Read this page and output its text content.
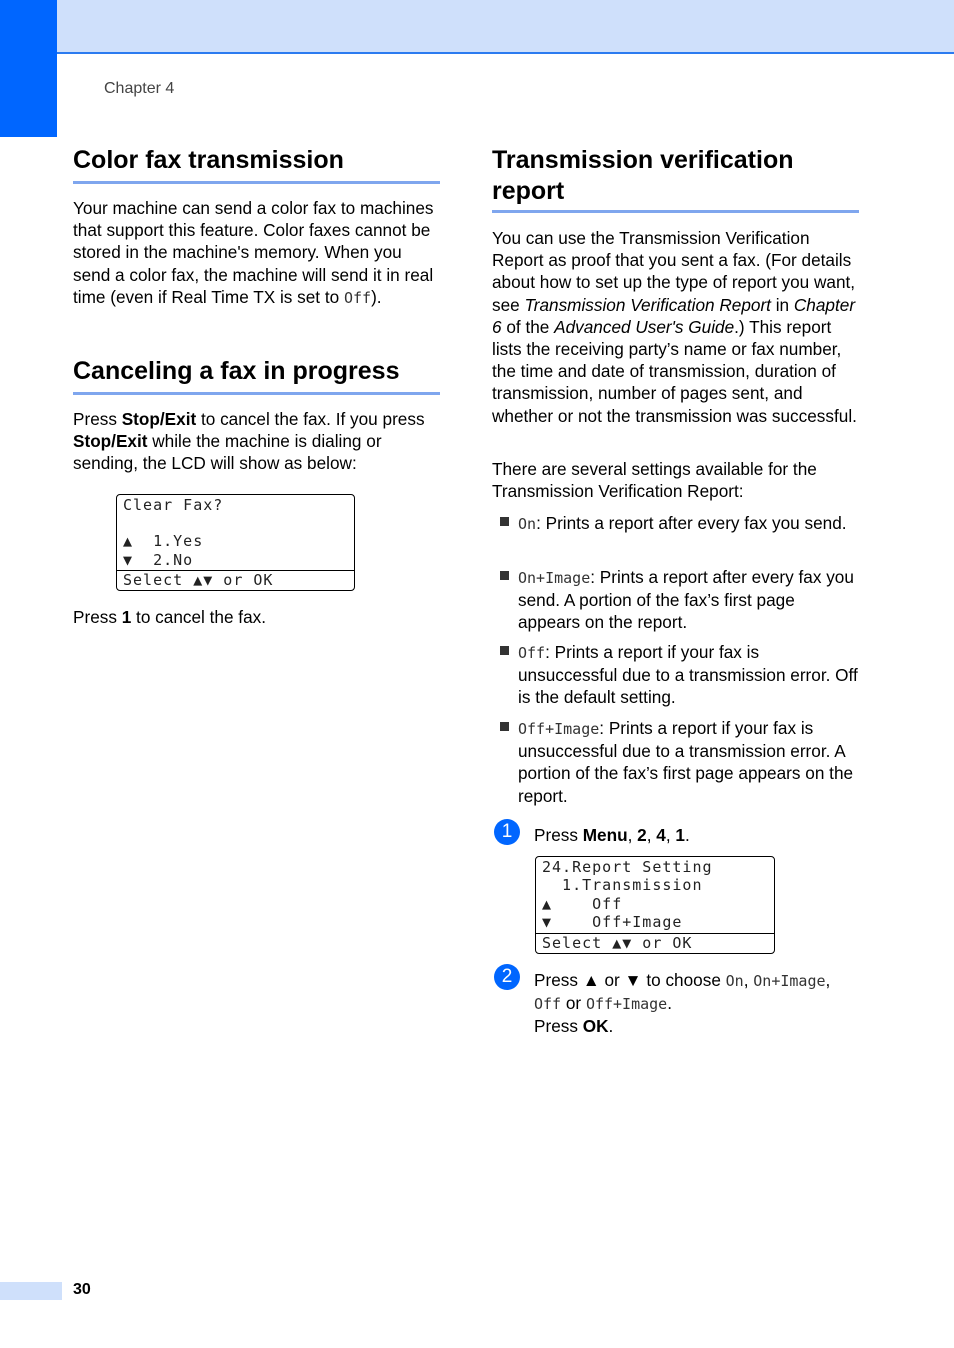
Chapter 4
Color fax transmission

Your machine can send a color fax to machines that support this feature. Color faxes cannot be stored in the machine's memory. When you send a color fax, the machine will send it in real time (even if Real Time TX is set to Off).

Canceling a fax in progress

Press Stop/Exit to cancel the fax. If you press Stop/Exit while the machine is dialing or sending, the LCD will show as below:

Clear Fax?
▲  1.Yes
▼  2.No
Select ▲▼ or OK

Press 1 to cancel the fax.

Transmission verification
report

You can use the Transmission Verification Report as proof that you sent a fax. (For details about how to set up the type of report you want, see Transmission Verification Report in Chapter 6 of the Advanced User's Guide.) This report lists the receiving party’s name or fax number, the time and date of transmission, duration of transmission, number of pages sent, and whether or not the transmission was successful.

There are several settings available for the Transmission Verification Report:

On: Prints a report after every fax you send.

On+Image: Prints a report after every fax you send. A portion of the fax’s first page appears on the report.

Off: Prints a report if your fax is unsuccessful due to a transmission error. Off is the default setting.

Off+Image: Prints a report if your fax is unsuccessful due to a transmission error. A portion of the fax’s first page appears on the report.

1	Press Menu, 2, 4, 1.

24.Report Setting
1.Transmission
▲    Off
▼    Off+Image
Select ▲▼ or OK
2	Press ▲ or ▼ to choose On, On+Image,
Off or Off+Image.
Press OK.

30
